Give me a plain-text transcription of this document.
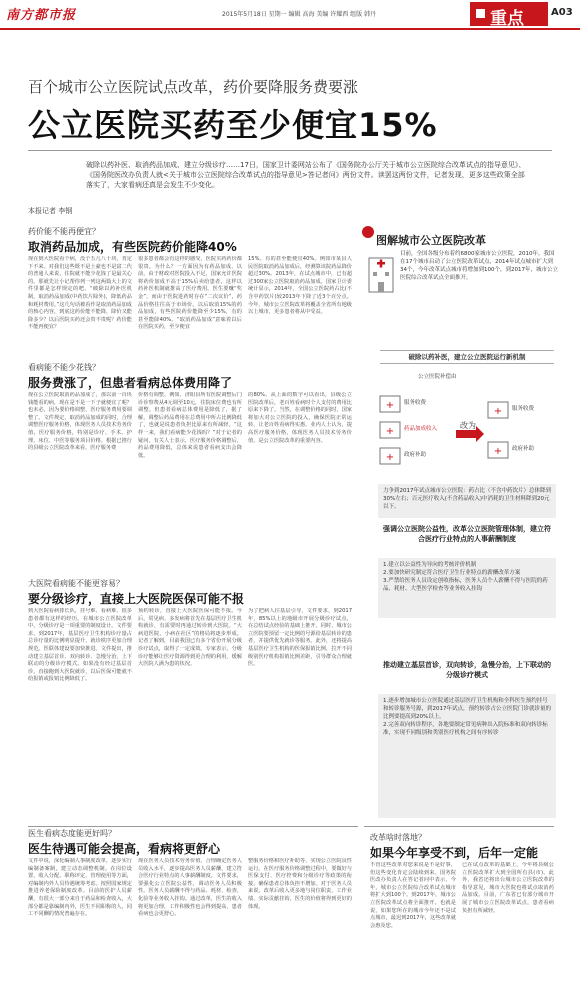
南方都市报	2015年5月18日 星期一 编辑 高海 美编 许耀西 组版 韩丹	重点	A03
百个城市公立医院试点改革，药价要降服务费要涨
公立医院买药至少便宜15%
破除以药补医、取消药品加成、建立分级诊疗……17日，国家卫计委网站公布了《国务院办公厅关于城市公立医院综合改革试点的指导意见》、《国务院医改办负责人就<关于城市公立医院综合改革试点的指导意见>答记者问》两份文件。读罢这两份文件，记者发现，更多这些政策全部落实了，大家看病还真是会发生不少变化。
本报记者 李钢
药价能不能再便宜？
取消药品加成，有些医院药价能降40%
现在到大医院看个病，没个五几八十块，肯定下不来。对我们这些既不是土豪也不是富二代的普通人来说，住院就不能少花钱了是最关心的。那就先让小记帮你列一列这两篇大上的文件里都是怎样规定的吧。“破除以药补医机制，取消药品加成(中药饮片除外)，降低药品和耗材费用。”这几句话被看作是取消药品加成的核心内容，到底这药价能不能降，降价又能降多少？以后医院买药还会贵不贵呢？药价能不能再便宜？
很多患者都会有这样的感受，医院买药药价都很贵。为什么？一方面因为有药品加成，以前，由于财政对医院投入不足，国家允许医院将药价加成不高于15%后卖给患者，这样以药补医机制就推高了医疗费用。医生要赚“奖金”，而由于医院进药时存在“二次议价”，药品价格往往高于市场价。以后取消15%的药品加成，有些医院药价能降至少15%，有的甚至能降40%。“取消药品加成”意味着以后在医院买药，至少便宜
15%。有的甚至能便宜40%。例如市某县人民医院取消药品加成后，经测算该院药品降价超过30%。2013年，在试点城市中，已有超过300家公立医院取消药品加成。国家卫计委统计显示，2014年，全国公立医院药占比(不含中药饮片)较2013年下降了近3个百分点。今年，城市公立医院改革将覆盖全省所有地级以上城市，更多患者将从中受益。
看病能不能少花钱？
服务费涨了，但患者看病总体费用降了
现在公立医院取消药品加成了，那以前一百块钱能看的病，现在是不是一下子就便宜了呢？也未必，因为要价格调整，医疗服务费用要调整了。文件规定，取消药品加成的同时，合理调整医疗服务价格，体现医务人员技术劳务价值，医疗服务价格，特别是诊疗、手术、护理、床位、中医等服务项目价格。根据已推行的县级公立医院改革来看，医疗服务费
价格有调整。例如，济阳县所有医院调整后门诊诊察费从4元调至10元，住院床位费也有所调整。但患者看病总体费用是降低了，据了解，调整后药品费用在总费用中所占比例降低了，也就是说患者负担比原来有所减轻。“这样一来，我们看病能少花钱吗？”对于记者的疑问，有关人士表示，医疗服务价格调整后，药品费用降低，总体来说患者看病支出会降低。
的80%。从上面的数字可以看出，县级公立医院改革后，老百姓看病时个人支付的费用比原来下降了。当然，在调整价格的同时，国家将加大对公立医院的投入，确保医院正常运转，让老百姓看病得实惠。业内人士认为，提高医疗服务价格，体现医务人员技术劳务价值，是公立医院改革的重要内容。
大医院看病能不能更容易？
要分级诊疗，直接上大医院医保可能不报
到大医院看病排长队，挂号难、看病难，很多患者都有这样的经历。在城市公立医院改革中，分级诊疗是一项重要的制度设计。文件要求，到2017年，基层医疗卫生机构诊疗量占总诊疗量的比例明显提升，就诊秩序更加合理规范。医联体建设要加快推进。文件提出，推动建立基层首诊、双向转诊、急慢分治、上下联动的分级诊疗模式。如果没有经过基层首诊，直接跑到大医院就诊，以后医保可能就不给报销或报销比例降低了。
预约转诊，直接上大医院医保可能不报。今后，常见病、多发病将首先在基层医疗卫生机构就诊，有需要时再通过转诊到大医院。“大病进医院、小病在社区”的格局将逐步形成。记者了解到，目前我国已有多个省份开展分级诊疗试点，取得了一定成效。专家表示，分级诊疗能够让医疗资源得到更合理的利用，缓解大医院人满为患的状况。
为了把病人往基层引导，文件要求，到2017年，85%以上的地级市开展分级诊疗试点，在总结试点经验的基础上推开。同时，城市公立医院要预留一定比例的号源给基层转诊的患者，并提供优先就诊等服务。此外，还将提高基层医疗卫生机构的医保报销比例，拉开不同级别医疗机构报销比例差距，引导群众合理就医。
医生看病态度能更好吗？
医生待遇可能会提高，看病将更舒心
文件中说，深化编制人事制度改革，逐步实行编制备案制，建立动态调整机制。在岗位设置、收入分配、职称评定、管理使用等方面，对编制内外人员待遇统筹考虑。按照国家规定推进养老保险制度改革。目前的医护人员薪酬，有很大一部分来自于药品和检查收入，大部分都是靠编制内外，医生不同职称的人，同工不同酬的情况普遍存在。
现在医务人员技术劳务价值，合理确定医务人员收入水平，逐步提高医务人员薪酬，建立符合医疗行业特点的人事薪酬制度。文件要求，要强化公立医院公益性，调动医务人员积极性。医务人员薪酬不得与药品、耗材、检查、化验等业务收入挂钩。通过改革，医生的收入将更加合理，工作积极性也会得到提高，患者看病也会更舒心。
整服务价格和医疗补助等，实现公立医院良性运行。在医疗服务价格调整过程中，要做好与医保支付、医疗控费和分级诊疗等政策的衔接，确保患者总体负担不增加。对于医务人员来说，改革后收入更多地与岗位职责、工作业绩、实际贡献挂钩，医生的价值将得到更好的体现。
改革啥时落地？
如果今年享受不到，后年一定能
不管这些改革对您来说是不是好事，但这些变化肯定会陆续到来。国务院医改办负责人在答记者问中表示，今年，城市公立医院综合改革试点城市将扩大到100个。到2017年，城市公立医院改革试点将全面推开。也就是说，如果您所在的城市今年还不是试点城市，最迟到2017年，这些改革就会惠及您。
已在试点改革的基础上，今年将县级公立医院改革扩大到全国所有县(市)。此外，我省还将出台城市公立医院改革的指导意见，城市大医院也将试点取消药品加成。目前，广东省已有部分城市开展了城市公立医院改革试点，患者看病负担有所减轻。
图解城市公立医院改革
目前，全国各级分布着约6800家城市公立医院，2010年，我国在17个城市启动了公立医院改革试点，2014年试点城市扩大到34个，今年改革试点城市将增加到100个，到2017年，城市公立医院综合改革试点全面推开。
破除以药补医，建立公立医院运行新机制
公立医院补偿由
+
+
+
+
+
服务收费
药品加成收入
政府补助
改为
服务收费
政府补助
力争到2017年试点城市公立医院：药占比（不含中药饮片）总体降到30%左右；百元医疗收入(不含药品收入)中消耗的卫生材料降到20元以下。
强调公立医院公益性，改革公立医院管理体制，建立符合医疗行业特点的人事薪酬制度
1.建立以公益性为导向的考核评价机制
2.要加快研究制定符合医疗卫生行业特点的薪酬改革方案
3.严禁给医务人员设定创收指标，医务人员个人薪酬不得与医院的药品、耗材、大型医学检查等业务收入挂钩
推动建立基层首诊，双向转诊，急慢分治，上下联动的分级诊疗模式
1.逐步增加城市公立医院通过基层医疗卫生机构和全科医生预约挂号和转诊服务号源，到2017年试点，预约转诊占公立医院门诊就诊量的比例要提高到20%以上。
2.完善双向转诊程序，各地要制定常见病种出入院标准和双向转诊标准，实现不同级别和类别医疗机构之间有序转诊
